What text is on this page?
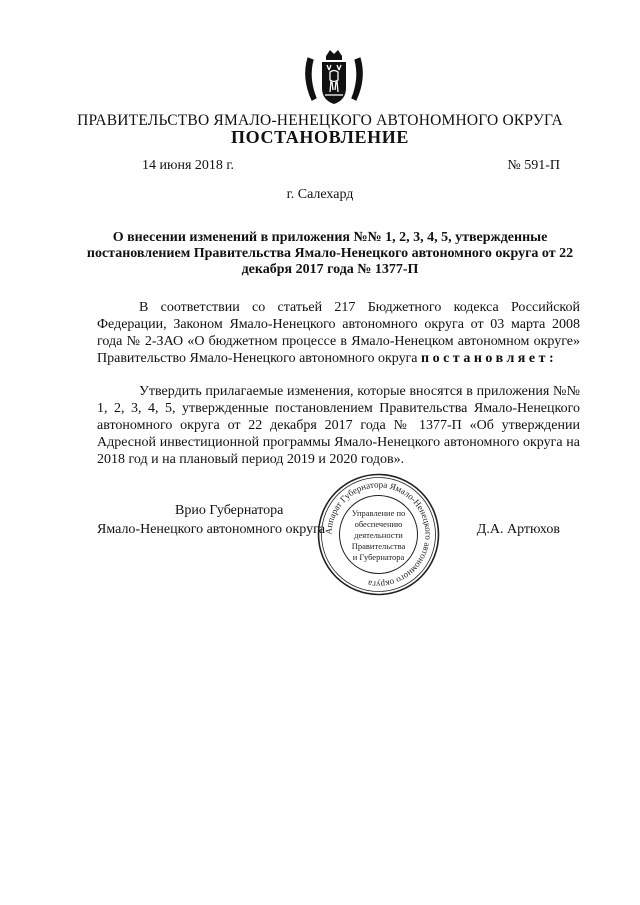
ПРАВИТЕЛЬСТВО ЯМАЛО-НЕНЕЦКОГО АВТОНОМНОГО ОКРУГА
ПОСТАНОВЛЕНИЕ
14 июня 2018 г.	№ 591-П
г. Салехард
О внесении изменений в приложения №№ 1, 2, 3, 4, 5, утвержденные постановлением Правительства Ямало-Ненецкого автономного округа от 22 декабря 2017 года № 1377-П
В соответствии со статьей 217 Бюджетного кодекса Российской Федерации, Законом Ямало-Ненецкого автономного округа от 03 марта 2008 года № 2-ЗАО «О бюджетном процессе в Ямало-Ненецком автономном округе» Правительство Ямало-Ненецкого автономного округа постановляет:
Утвердить прилагаемые изменения, которые вносятся в приложения №№ 1, 2, 3, 4, 5, утвержденные постановлением Правительства Ямало-Ненецкого автономного округа от 22 декабря 2017 года № 1377-П «Об утверждении Адресной инвестиционной программы Ямало-Ненецкого автономного округа на 2018 год и на плановый период 2019 и 2020 годов».
Врио Губернатора
Ямало-Ненецкого автономного округа	Д.А. Артюхов
Аппарат Губернатора Ямало-Ненецкого автономного округа
Управление по
обеспечению
деятельности
Правительства
и Губернатора
